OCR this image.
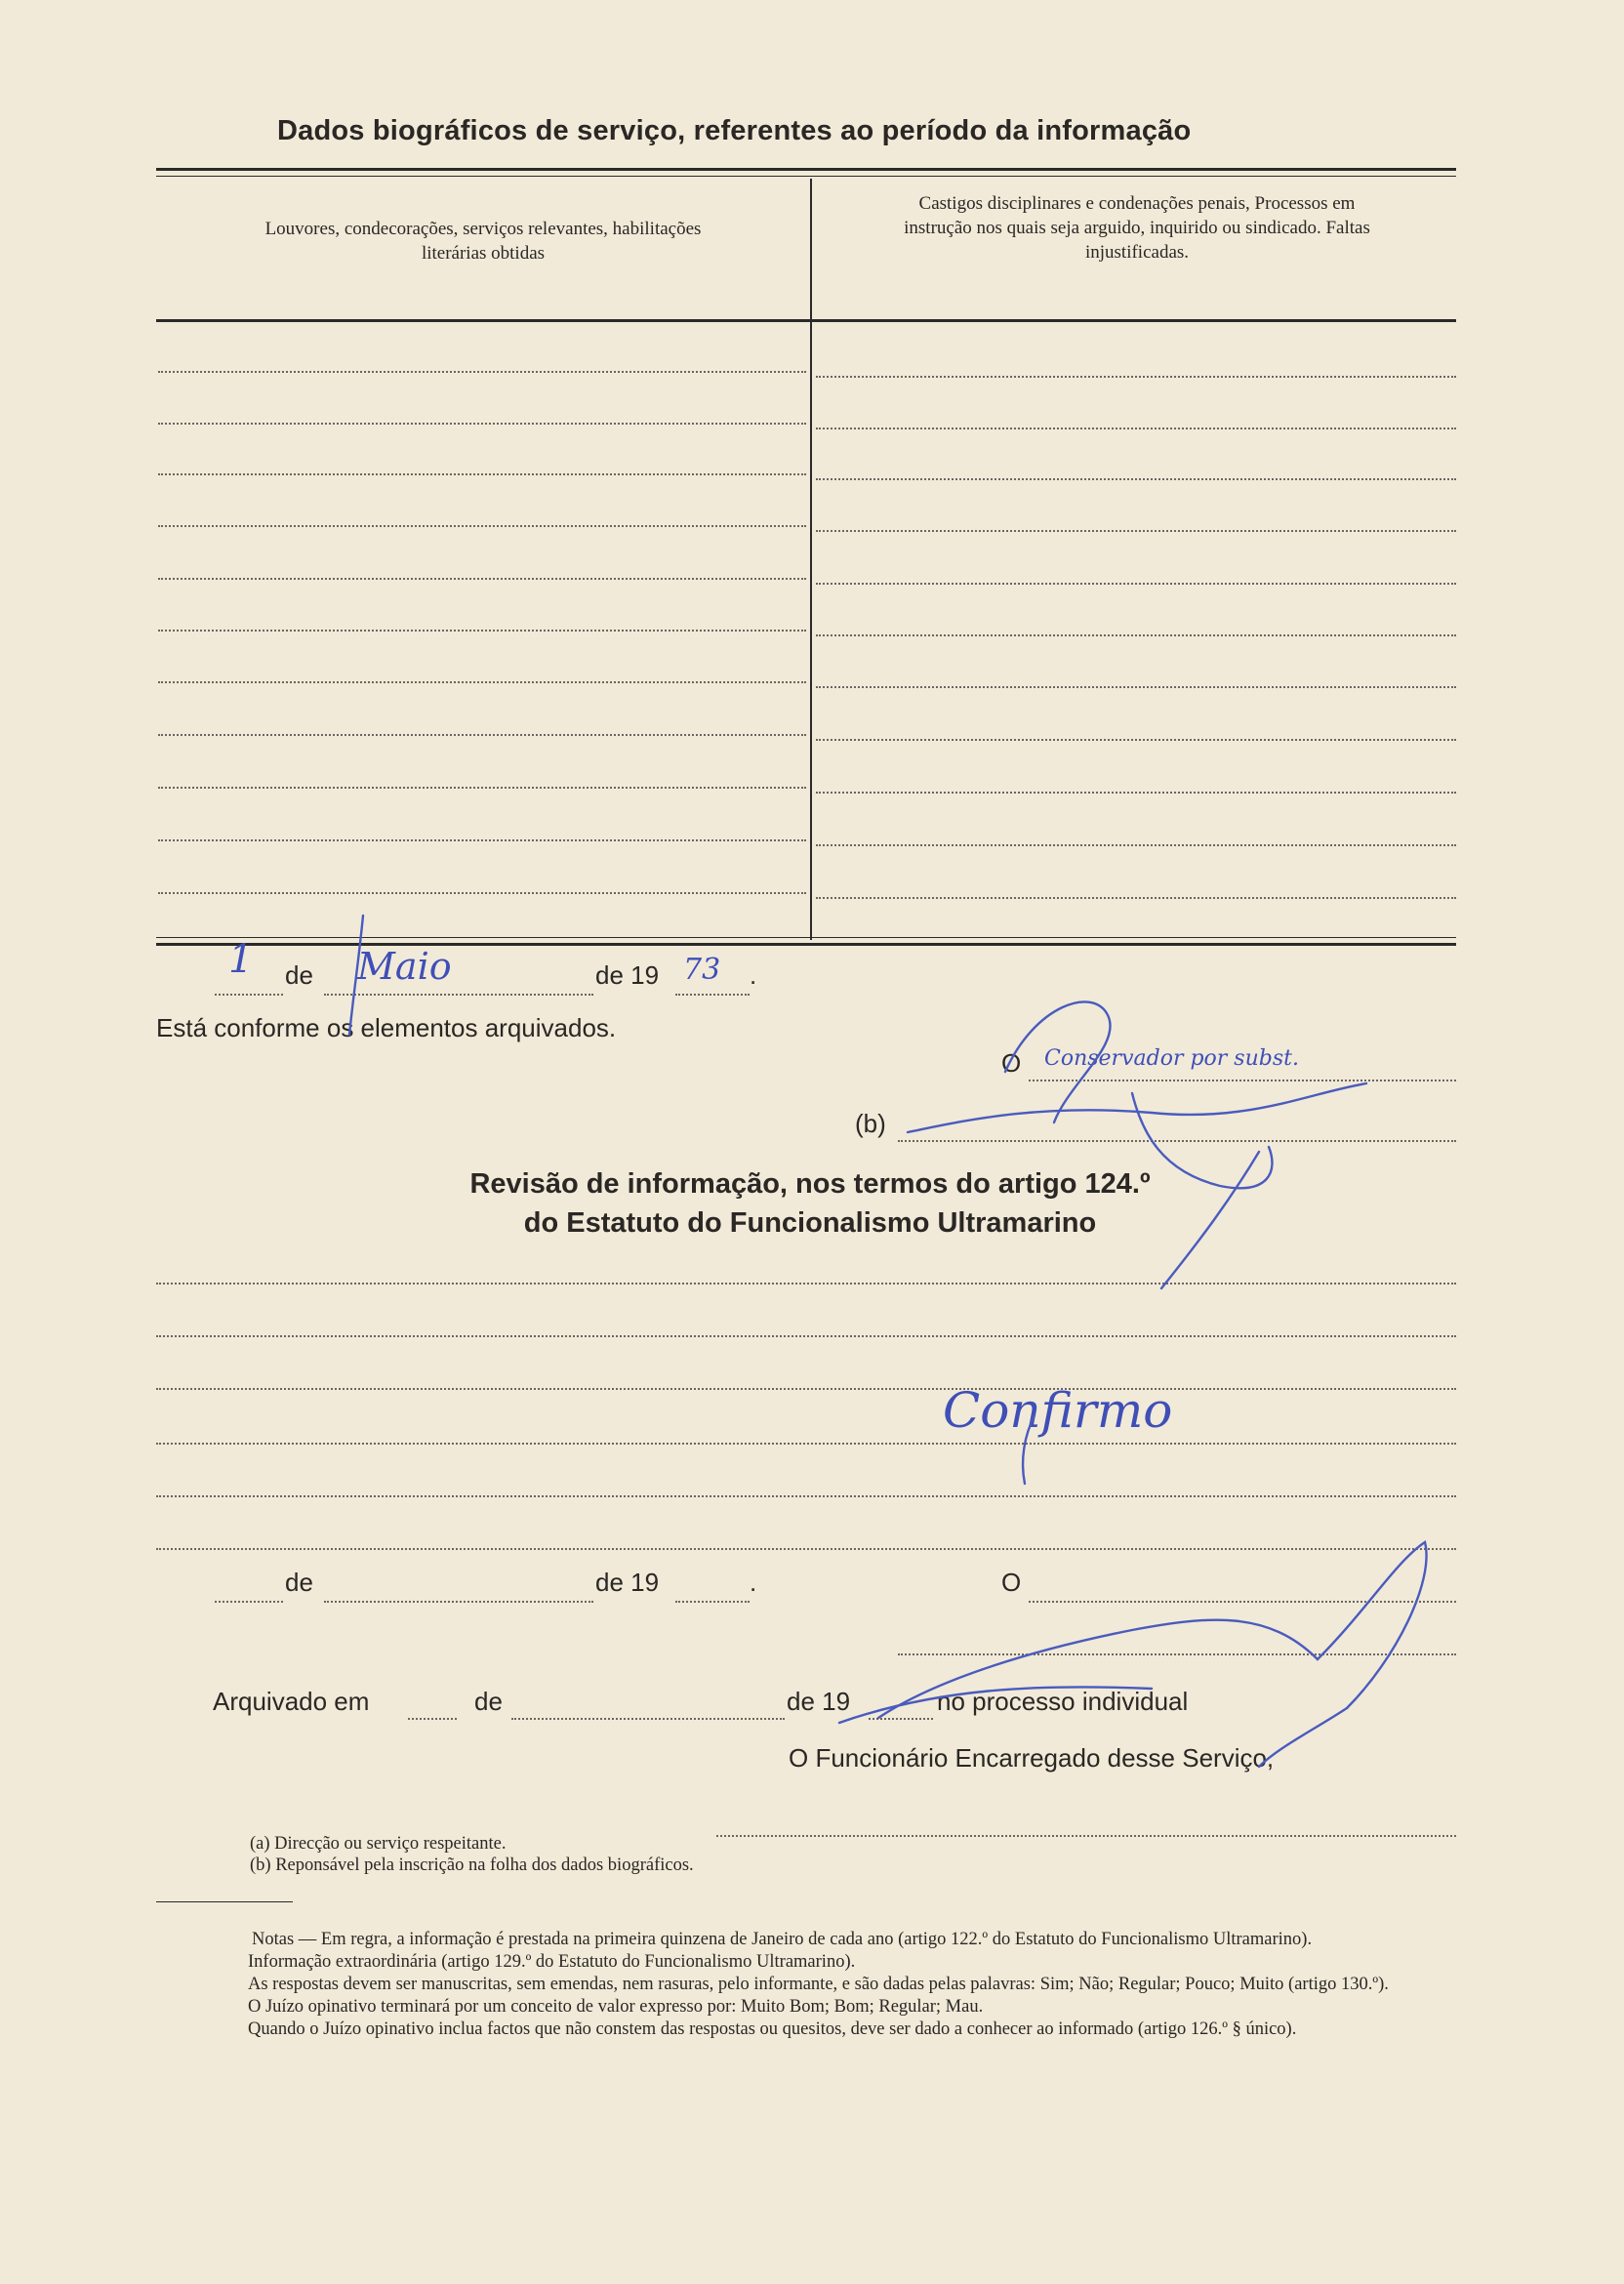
Dados biográficos de serviço, referentes ao período da informação
Louvores, condecorações, serviços relevantes, habilitações literárias obtidas
Castigos disciplinares e condenações penais, Processos em instrução nos quais seja arguido, inquirido ou sindicado. Faltas injustificadas.
de	de 19	.
1	Maio	73
Está conforme os elementos arquivados.
O Conservador por subst.
(b)
Revisão de informação, nos termos do artigo 124.º
do Estatuto do Funcionalismo Ultramarino
Confirmo
de	de 19	.	O
Arquivado em	de	de 19	no processo individual
O Funcionário Encarregado desse Serviço,
(a) Direcção ou serviço respeitante.
(b) Reponsável pela inscrição na folha dos dados biográficos.
Notas — Em regra, a informação é prestada na primeira quinzena de Janeiro de cada ano (artigo 122.º do Estatuto do Funcionalismo Ultramarino).
Informação extraordinária (artigo 129.º do Estatuto do Funcionalismo Ultramarino).
As respostas devem ser manuscritas, sem emendas, nem rasuras, pelo informante, e são dadas pelas palavras: Sim; Não; Regular; Pouco; Muito (artigo 130.º).
O Juízo opinativo terminará por um conceito de valor expresso por: Muito Bom; Bom; Regular; Mau.
Quando o Juízo opinativo inclua factos que não constem das respostas ou quesitos, deve ser dado a conhecer ao informado (artigo 126.º § único).
